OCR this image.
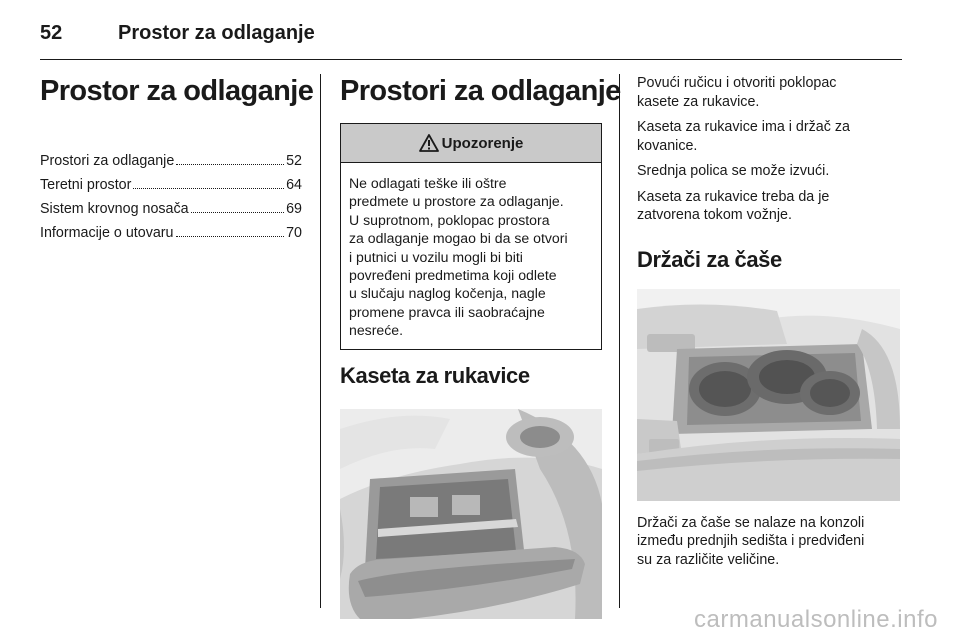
52	Prostor za odlaganje
Prostor za odlaganje
Prostori za odlaganje	52
Teretni prostor	64
Sistem krovnog nosača	69
Informacije o utovaru	70
Prostori za odlaganje
Upozorenje
Ne odlagati teške ili oštre
predmete u prostore za odlaganje.
U suprotnom, poklopac prostora
za odlaganje mogao bi da se otvori
i putnici u vozilu mogli bi biti
povređeni predmetima koji odlete
u slučaju naglog kočenja, nagle
promene pravca ili saobraćajne
nesreće.
Kaseta za rukavice

Povući ručicu i otvoriti poklopac
kasete za rukavice.

Kaseta za rukavice ima i držač za
kovanice.

Srednja polica se može izvući.

Kaseta za rukavice treba da je
zatvorena tokom vožnje.

Držači za čaše

Držači za čaše se nalaze na konzoli
između prednjih sedišta i predviđeni
su za različite veličine.

carmanualsonline.info
